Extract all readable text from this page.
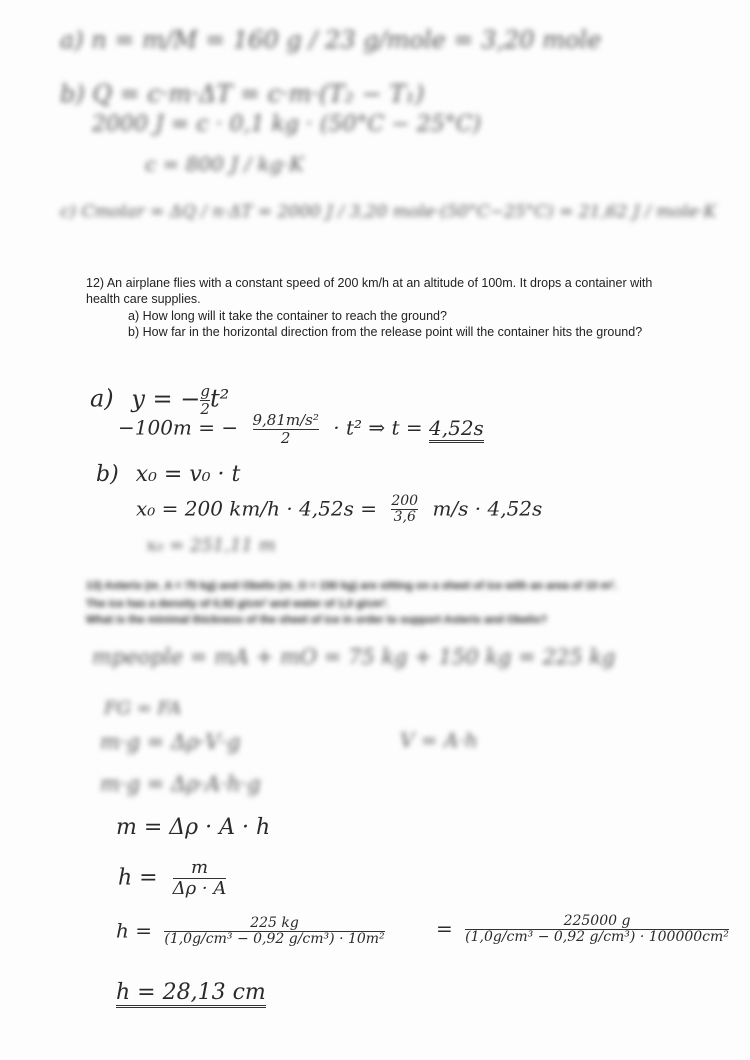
a) n = m/M = 160 g / 23 g/mole = 3,20 mole
b) Q = c·m·ΔT = c·m·(T₂ − T₁)
2000 J = c · 0,1 kg · (50°C − 25°C)
c = 800 J / kg·K
c) Cmolar = ΔQ / n·ΔT = 2000 J / 3,20 mole·(50°C−25°C) = 21,62 J / mole·K
12) An airplane flies with a constant speed of 200 km/h at an altitude of 100m. It drops a container with health care supplies.
a) How long will it take the container to reach the ground?
b) How far in the horizontal direction from the release point will the container hits the ground?
a) y = − $\frac{g}{2} t^2$
−100m = − $\frac{\text{9,81m/s²}}{2} \cdot t^2$ ⇒ t = 4,52s
b) x₀ = v₀ · t
x₀ = 200 $km/h \cdot 4,52s = \frac{200}{3,6} m/s \cdot 4,52s$
x₀ = 251,11 m
13) Asterix (m_A = 75 kg) and Obelix (m_O = 150 kg) are sitting on a sheet of ice with an area of 10 m².
The ice has a density of 0,92 g/cm³ and water of 1,0 g/cm³.
What is the minimal thickness of the sheet of ice in order to support Asterix and Obelix?
mpeople = mA + mO = 75 kg + 150 kg = 225 kg
FG = FA
m·g = Δρ·V·g	V = A·h
m·g = Δρ·A·h·g
m = Δρ · A · h
$h = \frac{m}{\Delta\rho \cdot A}$
$h = \frac{225 kg}{\text{(1,0g/cm³ − 0,92 g/cm³) · 10m²}}$	= $\frac{225000 g}{\text{(1,0g/cm³ − 0,92 g/cm³) · 100000cm²}}$
h = 28,13 cm
